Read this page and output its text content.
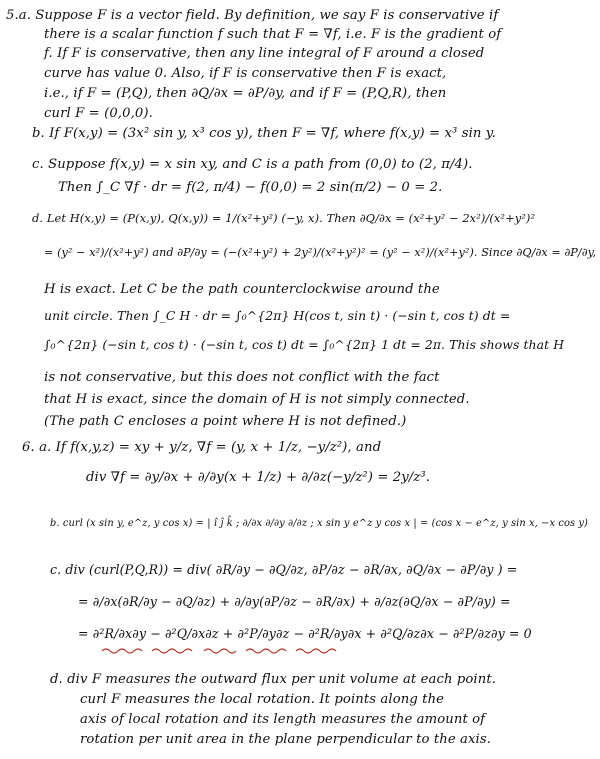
5.a. Suppose F is a vector field. By definition, we say F is conservative if
there is a scalar function f such that F = ∇f, i.e. F is the gradient of
f. If F is conservative, then any line integral of F around a closed
curve has value 0. Also, if F is conservative then F is exact,
i.e., if F = (P,Q), then ∂Q/∂x = ∂P/∂y, and if F = (P,Q,R), then
curl F = (0,0,0).
b. If F(x,y) = (3x² sin y, x³ cos y), then F = ∇f, where f(x,y) = x³ sin y.
c. Suppose f(x,y) = x sin xy, and C is a path from (0,0) to (2, π/4).
Then ∫_C ∇f · dr = f(2, π/4) − f(0,0) = 2 sin(π/2) − 0 = 2.
d. Let H(x,y) = (P(x,y), Q(x,y)) = 1/(x²+y²) (−y, x). Then ∂Q/∂x = (x²+y² − 2x²)/(x²+y²)²
= (y² − x²)/(x²+y²) and ∂P/∂y = (−(x²+y²) + 2y²)/(x²+y²)² = (y² − x²)/(x²+y²). Since ∂Q/∂x = ∂P/∂y,
H is exact. Let C be the path counterclockwise around the
unit circle. Then ∫_C H · dr = ∫₀^{2π} H(cos t, sin t) · (−sin t, cos t) dt =
∫₀^{2π} (−sin t, cos t) · (−sin t, cos t) dt = ∫₀^{2π} 1 dt = 2π. This shows that H
is not conservative, but this does not conflict with the fact
that H is exact, since the domain of H is not simply connected.
(The path C encloses a point where H is not defined.)
6. a. If f(x,y,z) = xy + y/z, ∇f = (y, x + 1/z, −y/z²), and
div ∇f = ∂y/∂x + ∂/∂y(x + 1/z) + ∂/∂z(−y/z²) = 2y/z³.
b. curl (x sin y, e^z, y cos x) = | î ĵ k̂ ; ∂/∂x ∂/∂y ∂/∂z ; x sin y e^z y cos x | = (cos x − e^z, y sin x, −x cos y)
c. div (curl(P,Q,R)) = div( ∂R/∂y − ∂Q/∂z, ∂P/∂z − ∂R/∂x, ∂Q/∂x − ∂P/∂y ) =
= ∂/∂x(∂R/∂y − ∂Q/∂z) + ∂/∂y(∂P/∂z − ∂R/∂x) + ∂/∂z(∂Q/∂x − ∂P/∂y) =
= ∂²R/∂x∂y − ∂²Q/∂x∂z + ∂²P/∂y∂z − ∂²R/∂y∂x + ∂²Q/∂z∂x − ∂²P/∂z∂y = 0
d. div F measures the outward flux per unit volume at each point.
curl F measures the local rotation. It points along the
axis of local rotation and its length measures the amount of
rotation per unit area in the plane perpendicular to the axis.
